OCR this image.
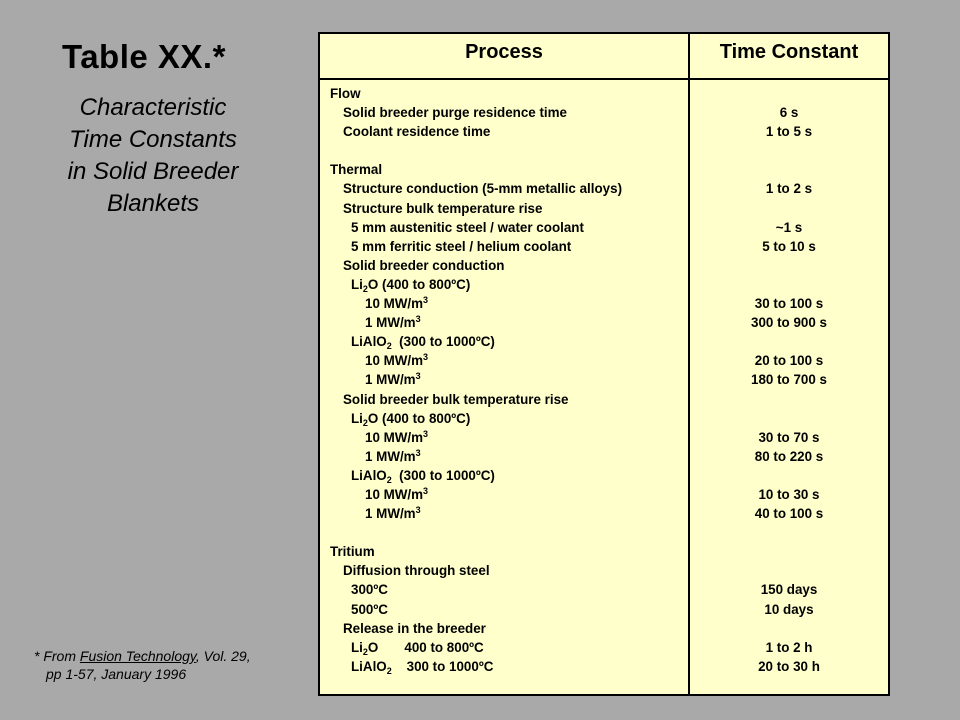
Table XX.*
Characteristic
Time Constants
in Solid Breeder
Blankets
* From Fusion Technology, Vol. 29,
pp 1-57, January 1996
Process	Time Constant
Flow
Solid breeder purge residence time	6 s
Coolant residence time	1 to 5 s
Thermal
Structure conduction (5-mm metallic alloys)	1 to 2 s
Structure bulk temperature rise
5 mm austenitic steel / water coolant	~1 s
5 mm ferritic steel / helium coolant	5 to 10 s
Solid breeder conduction
$Li_2O$ (400 to 800ºC)
10 $MW/m^3$	30 to 100 s
1 $MW/m^3$	300 to 900 s
LiAlO$_2$  (300 to 1000ºC)
10 $MW/m^3$	20 to 100 s
1 $MW/m^3$	180 to 700 s
Solid breeder bulk temperature rise
$Li_2O$ (400 to 800ºC)
10 $MW/m^3$	30 to 70 s
1 $MW/m^3$	80 to 220 s
LiAlO$_2$  (300 to 1000ºC)
10 $MW/m^3$	10 to 30 s
1 $MW/m^3$	40 to 100 s
Tritium
Diffusion through steel
300ºC	150 days
500ºC	10 days
Release in the breeder
$Li_2O$       400 to 800ºC	1 to 2 h
LiAlO$_2$    300 to 1000ºC	20 to 30 h
